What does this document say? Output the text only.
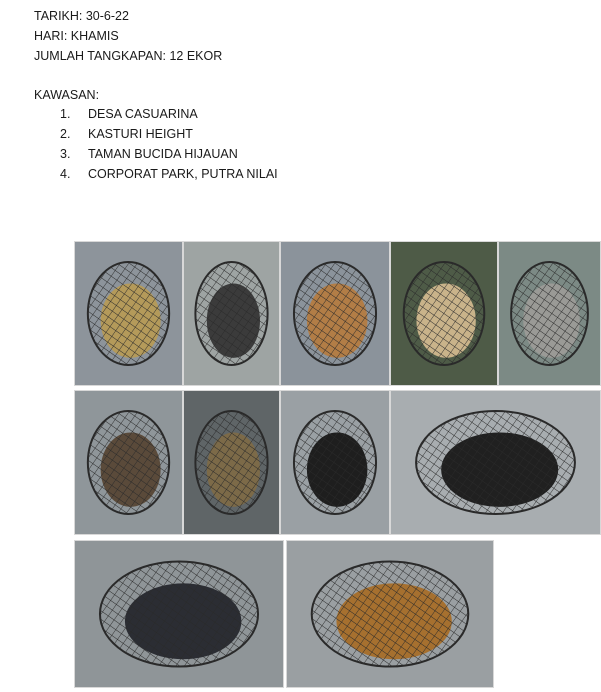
TARIKH: 30-6-22
HARI: KHAMIS
JUMLAH TANGKAPAN: 12 EKOR
KAWASAN:
1.	DESA CASUARINA
2.	KASTURI HEIGHT
3.	TAMAN BUCIDA HIJAUAN
4.	CORPORAT PARK, PUTRA NILAI
